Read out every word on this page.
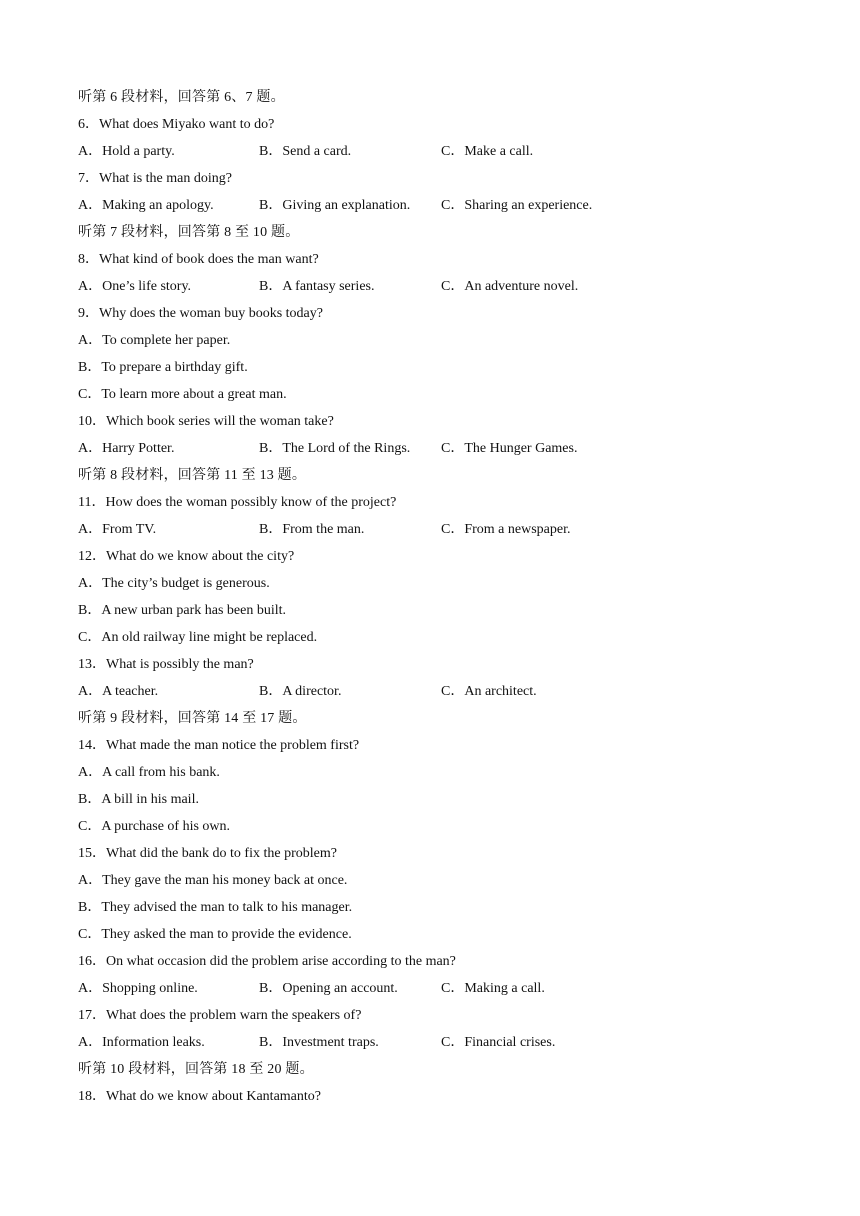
听第 6 段材料，回答第 6、7 题。
6．What does Miyako want to do?
A．Hold a party.	B．Send a card.	C．Make a call.
7．What is the man doing?
A．Making an apology.	B．Giving an explanation. C．Sharing an experience.
听第 7 段材料，回答第 8 至 10 题。
8．What kind of book does the man want?
A．One’s life story.	B．A fantasy series.	C．An adventure novel.
9．Why does the woman buy books today?
A．To complete her paper.
B．To prepare a birthday gift.
C．To learn more about a great man.
10．Which book series will the woman take?
A．Harry Potter.	B．The Lord of the Rings. C．The Hunger Games.
听第 8 段材料，回答第 11 至 13 题。
11．How does the woman possibly know of the project?
A．From TV.	B．From the man.	C．From a newspaper.
12．What do we know about the city?
A．The city’s budget is generous.
B．A new urban park has been built.
C．An old railway line might be replaced.
13．What is possibly the man?
A．A teacher.	B．A director.	C．An architect.
听第 9 段材料，回答第 14 至 17 题。
14．What made the man notice the problem first?
A．A call from his bank.
B．A bill in his mail.
C．A purchase of his own.
15．What did the bank do to fix the problem?
A．They gave the man his money back at once.
B．They advised the man to talk to his manager.
C．They asked the man to provide the evidence.
16．On what occasion did the problem arise according to the man?
A．Shopping online.	B．Opening an account.	C．Making a call.
17．What does the problem warn the speakers of?
A．Information leaks.	B．Investment traps.	C．Financial crises.
听第 10 段材料，回答第 18 至 20 题。
18．What do we know about Kantamanto?
